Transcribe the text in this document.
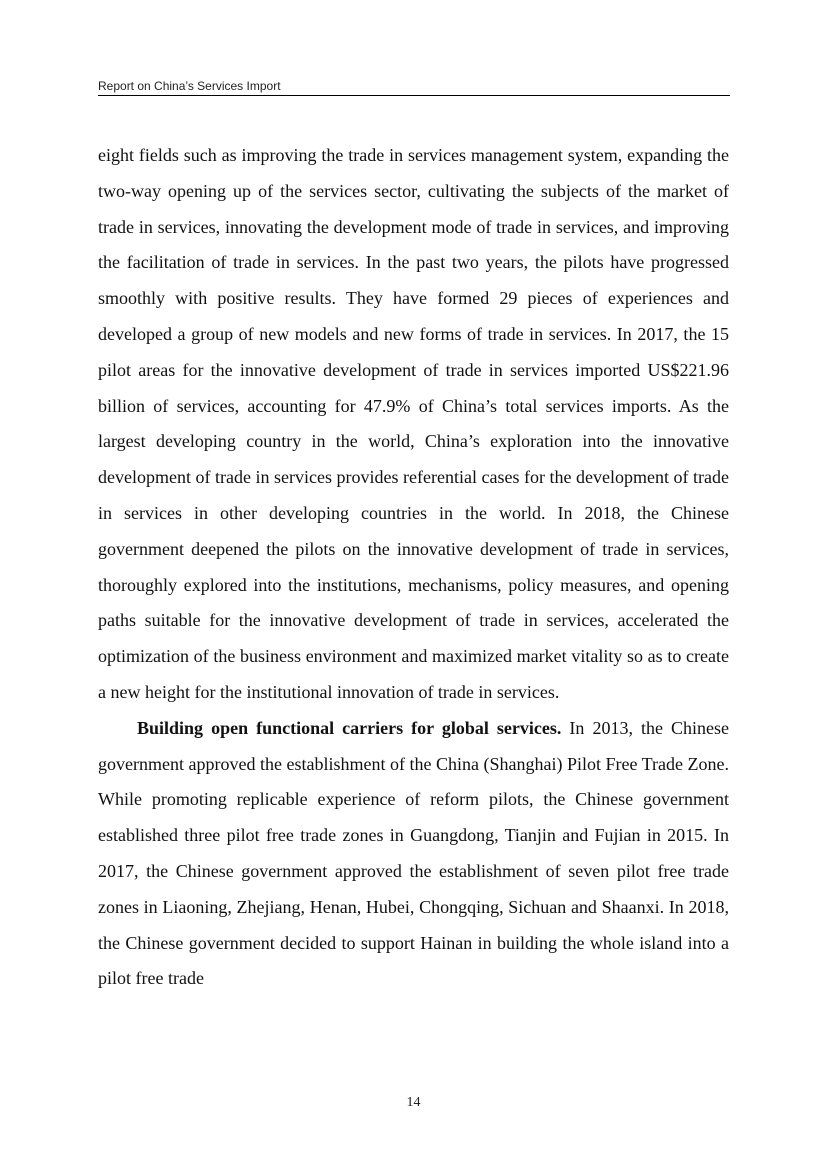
Report on China’s Services Import

eight fields such as improving the trade in services management system, expanding the two-way opening up of the services sector, cultivating the subjects of the market of trade in services, innovating the development mode of trade in services, and improving the facilitation of trade in services. In the past two years, the pilots have progressed smoothly with positive results. They have formed 29 pieces of experiences and developed a group of new models and new forms of trade in services. In 2017, the 15 pilot areas for the innovative development of trade in services imported US$221.96 billion of services, accounting for 47.9% of China’s total services imports. As the largest developing country in the world, China’s exploration into the innovative development of trade in services provides referential cases for the development of trade in services in other developing countries in the world. In 2018, the Chinese government deepened the pilots on the innovative development of trade in services, thoroughly explored into the institutions, mechanisms, policy measures, and opening paths suitable for the innovative development of trade in services, accelerated the optimization of the business environment and maximized market vitality so as to create a new height for the institutional innovation of trade in services.

Building open functional carriers for global services. In 2013, the Chinese government approved the establishment of the China (Shanghai) Pilot Free Trade Zone. While promoting replicable experience of reform pilots, the Chinese government established three pilot free trade zones in Guangdong, Tianjin and Fujian in 2015. In 2017, the Chinese government approved the establishment of seven pilot free trade zones in Liaoning, Zhejiang, Henan, Hubei, Chongqing, Sichuan and Shaanxi. In 2018, the Chinese government decided to support Hainan in building the whole island into a pilot free trade

14
